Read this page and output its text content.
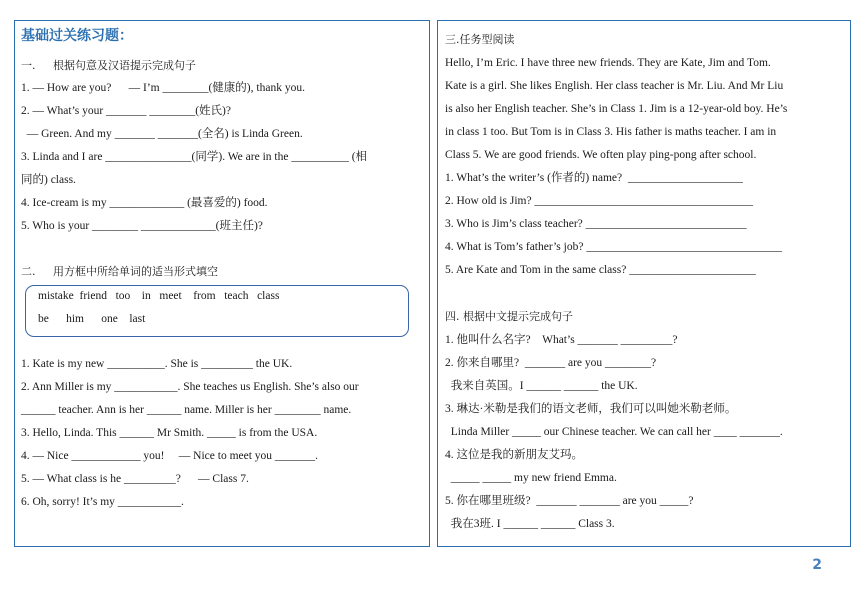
基础过关练习题：
一.     根据句意及汉语提示完成句子
1. — How are you?      — I’m ________(健康的), thank you.
2. — What’s your _______ ________(姓氏)?
— Green. And my _______ _______(全名) is Linda Green.
3. Linda and I are _______________(同学). We are in the __________ (相
同的) class.
4. Ice-cream is my _____________ (最喜爱的) food.
5. Who is your ________ _____________(班主任)?
二.     用方框中所给单词的适当形式填空
mistake  friend   too    in   meet    from   teach   class
be      him      one    last
1. Kate is my new __________. She is _________ the UK.
2. Ann Miller is my ___________. She teaches us English. She’s also our
______ teacher. Ann is her ______ name. Miller is her ________ name.
3. Hello, Linda. This ______ Mr Smith. _____ is from the USA.
4. — Nice ____________ you!     — Nice to meet you _______.
5. — What class is he _________?      — Class 7.
6. Oh, sorry! It’s my ___________.
三.任务型阅读
Hello, I’m Eric. I have three new friends. They are Kate, Jim and Tom.
Kate is a girl. She likes English. Her class teacher is Mr. Liu. And Mr Liu
is also her English teacher. She’s in Class 1. Jim is a 12-year-old boy. He’s
in class 1 too. But Tom is in Class 3. His father is maths teacher. I am in
Class 5. We are good friends. We often play ping-pong after school.
1. What’s the writer’s (作者的) name?  ____________________
2. How old is Jim? ______________________________________
3. Who is Jim’s class teacher? ____________________________
4. What is Tom’s father’s job? __________________________________
5. Are Kate and Tom in the same class? ______________________
四. 根据中文提示完成句子
1. 他叫什么名字?    What’s _______ _________?
2. 你来自哪里?  _______ are you ________?
我来自英国。I ______ ______ the UK.
3. 琳达·米勒是我们的语文老师，我们可以叫她米勒老师。
Linda Miller _____ our Chinese teacher. We can call her ____ _______.
4. 这位是我的新朋友艾玛。
_____ _____ my new friend Emma.
5. 你在哪里班级?  _______ _______ are you _____?
我在3班. I ______ ______ Class 3.
2
